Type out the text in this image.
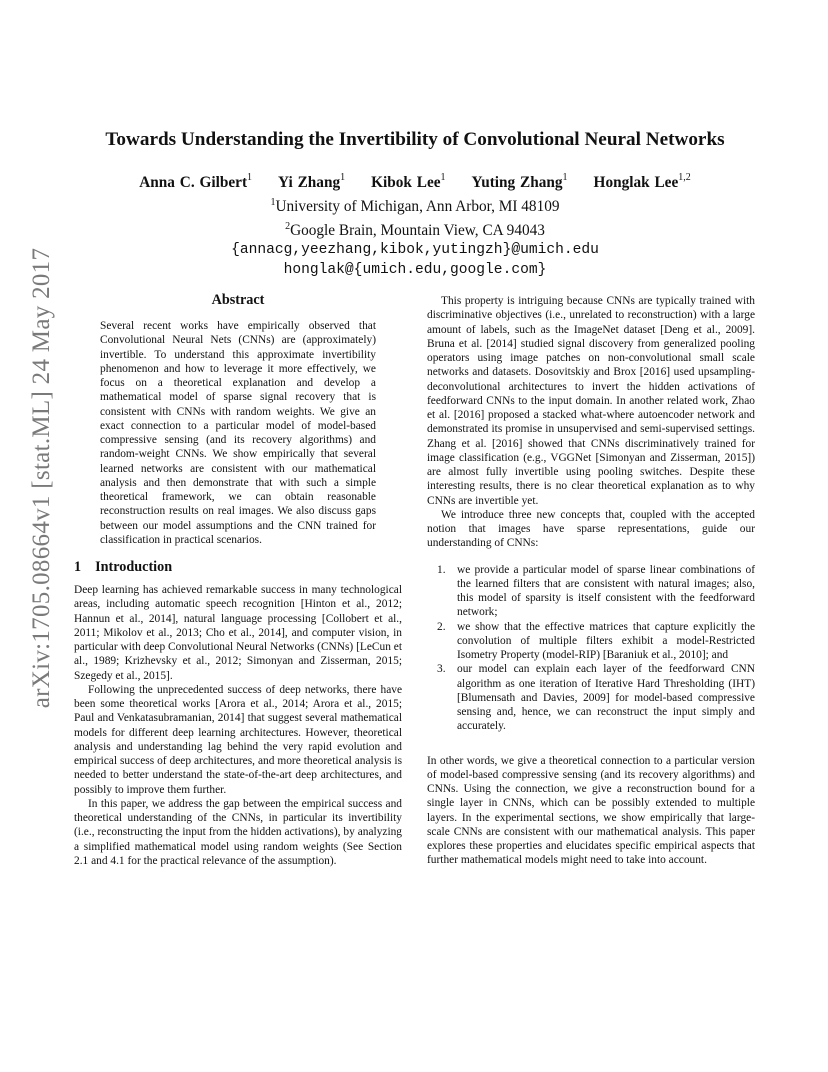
arXiv:1705.08664v1 [stat.ML] 24 May 2017
Towards Understanding the Invertibility of Convolutional Neural Networks
Anna C. Gilbert$^1$ Yi Zhang$^1$ Kibok Lee$^1$ Yuting Zhang$^1$ Honglak Lee$^{1,2}$
$^1$University of Michigan, Ann Arbor, MI 48109
$^2$Google Brain, Mountain View, CA 94043
{annacg,yeezhang,kibok,yutingzh}@umich.edu
honglak@{umich.edu,google.com}
Abstract

Several recent works have empirically observed that Convolutional Neural Nets (CNNs) are (approximately) invertible. To understand this approximate invertibility phenomenon and how to leverage it more effectively, we focus on a theoretical explanation and develop a mathematical model of sparse signal recovery that is consistent with CNNs with random weights. We give an exact connection to a particular model of model-based compressive sensing (and its recovery algorithms) and random-weight CNNs. We show empirically that several learned networks are consistent with our mathematical analysis and then demonstrate that with such a simple theoretical framework, we can obtain reasonable reconstruction results on real images. We also discuss gaps between our model assumptions and the CNN trained for classification in practical scenarios.

1 Introduction

Deep learning has achieved remarkable success in many technological areas, including automatic speech recognition [Hinton et al., 2012; Hannun et al., 2014], natural language processing [Collobert et al., 2011; Mikolov et al., 2013; Cho et al., 2014], and computer vision, in particular with deep Convolutional Neural Networks (CNNs) [LeCun et al., 1989; Krizhevsky et al., 2012; Simonyan and Zisserman, 2015; Szegedy et al., 2015].

Following the unprecedented success of deep networks, there have been some theoretical works [Arora et al., 2014; Arora et al., 2015; Paul and Venkatasubramanian, 2014] that suggest several mathematical models for different deep learning architectures. However, theoretical analysis and understanding lag behind the very rapid evolution and empirical success of deep architectures, and more theoretical analysis is needed to better understand the state-of-the-art deep architectures, and possibly to improve them further.

In this paper, we address the gap between the empirical success and theoretical understanding of the CNNs, in particular its invertibility (i.e., reconstructing the input from the hidden activations), by analyzing a simplified mathematical model using random weights (See Section 2.1 and 4.1 for the practical relevance of the assumption).

This property is intriguing because CNNs are typically trained with discriminative objectives (i.e., unrelated to reconstruction) with a large amount of labels, such as the ImageNet dataset [Deng et al., 2009]. Bruna et al. [2014] studied signal discovery from generalized pooling operators using image patches on non-convolutional small scale networks and datasets. Dosovitskiy and Brox [2016] used upsampling-deconvolutional architectures to invert the hidden activations of feedforward CNNs to the input domain. In another related work, Zhao et al. [2016] proposed a stacked what-where autoencoder network and demonstrated its promise in unsupervised and semi-supervised settings. Zhang et al. [2016] showed that CNNs discriminatively trained for image classification (e.g., VGGNet [Simonyan and Zisserman, 2015]) are almost fully invertible using pooling switches. Despite these interesting results, there is no clear theoretical explanation as to why CNNs are invertible yet.

We introduce three new concepts that, coupled with the accepted notion that images have sparse representations, guide our understanding of CNNs:

1. we provide a particular model of sparse linear combinations of the learned filters that are consistent with natural images; also, this model of sparsity is itself consistent with the feedforward network;
2. we show that the effective matrices that capture explicitly the convolution of multiple filters exhibit a model-Restricted Isometry Property (model-RIP) [Baraniuk et al., 2010]; and
3. our model can explain each layer of the feedforward CNN algorithm as one iteration of Iterative Hard Thresholding (IHT) [Blumensath and Davies, 2009] for model-based compressive sensing and, hence, we can reconstruct the input simply and accurately.

In other words, we give a theoretical connection to a particular version of model-based compressive sensing (and its recovery algorithms) and CNNs. Using the connection, we give a reconstruction bound for a single layer in CNNs, which can be possibly extended to multiple layers. In the experimental sections, we show empirically that large-scale CNNs are consistent with our mathematical analysis. This paper explores these properties and elucidates specific empirical aspects that further mathematical models might need to take into account.
